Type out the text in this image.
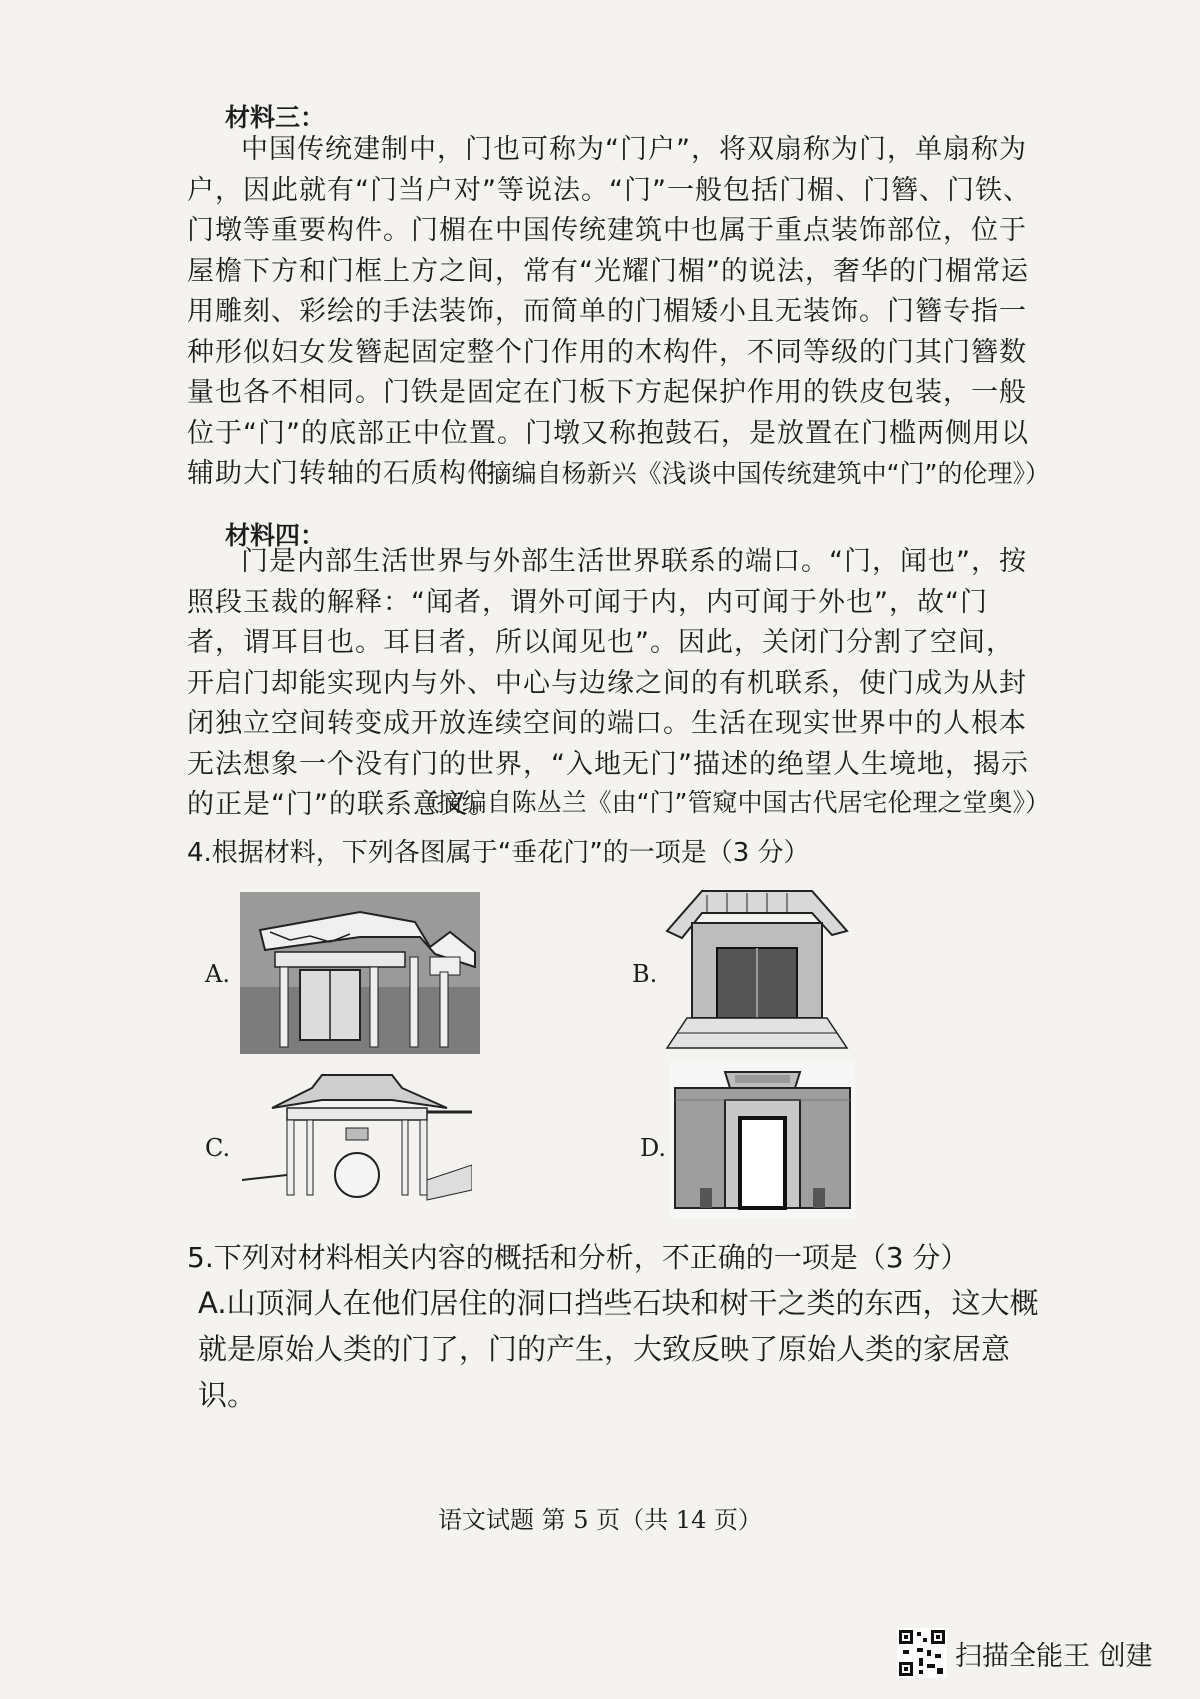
材料三：

中国传统建制中，门也可称为“门户”，将双扇称为门，单扇称为户，因此就有“门当户对”等说法。“门”一般包括门楣、门簪、门铁、门墩等重要构件。门楣在中国传统建筑中也属于重点装饰部位，位于屋檐下方和门框上方之间，常有“光耀门楣”的说法，奢华的门楣常运用雕刻、彩绘的手法装饰，而简单的门楣矮小且无装饰。门簪专指一种形似妇女发簪起固定整个门作用的木构件，不同等级的门其门簪数量也各不相同。门铁是固定在门板下方起保护作用的铁皮包装，一般位于“门”的底部正中位置。门墩又称抱鼓石，是放置在门槛两侧用以辅助大门转轴的石质构件。

（摘编自杨新兴《浅谈中国传统建筑中“门”的伦理》）
材料四：

门是内部生活世界与外部生活世界联系的端口。“门，闻也”，按照段玉裁的解释：“闻者，谓外可闻于内，内可闻于外也”，故“门者，谓耳目也。耳目者，所以闻见也”。因此，关闭门分割了空间，开启门却能实现内与外、中心与边缘之间的有机联系，使门成为从封闭独立空间转变成开放连续空间的端口。生活在现实世界中的人根本无法想象一个没有门的世界，“入地无门”描述的绝望人生境地，揭示的正是“门”的联系意义。

（摘编自陈丛兰《由“门”管窥中国古代居宅伦理之堂奥》）
4.根据材料，下列各图属于“垂花门”的一项是（3 分）
A.	B.
C.	D.
5.下列对材料相关内容的概括和分析，不正确的一项是（3 分）

A.山顶洞人在他们居住的洞口挡些石块和树干之类的东西，这大概就是原始人类的门了，门的产生，大致反映了原始人类的家居意识。

语文试题 第 5 页（共 14 页）
扫描全能王 创建
